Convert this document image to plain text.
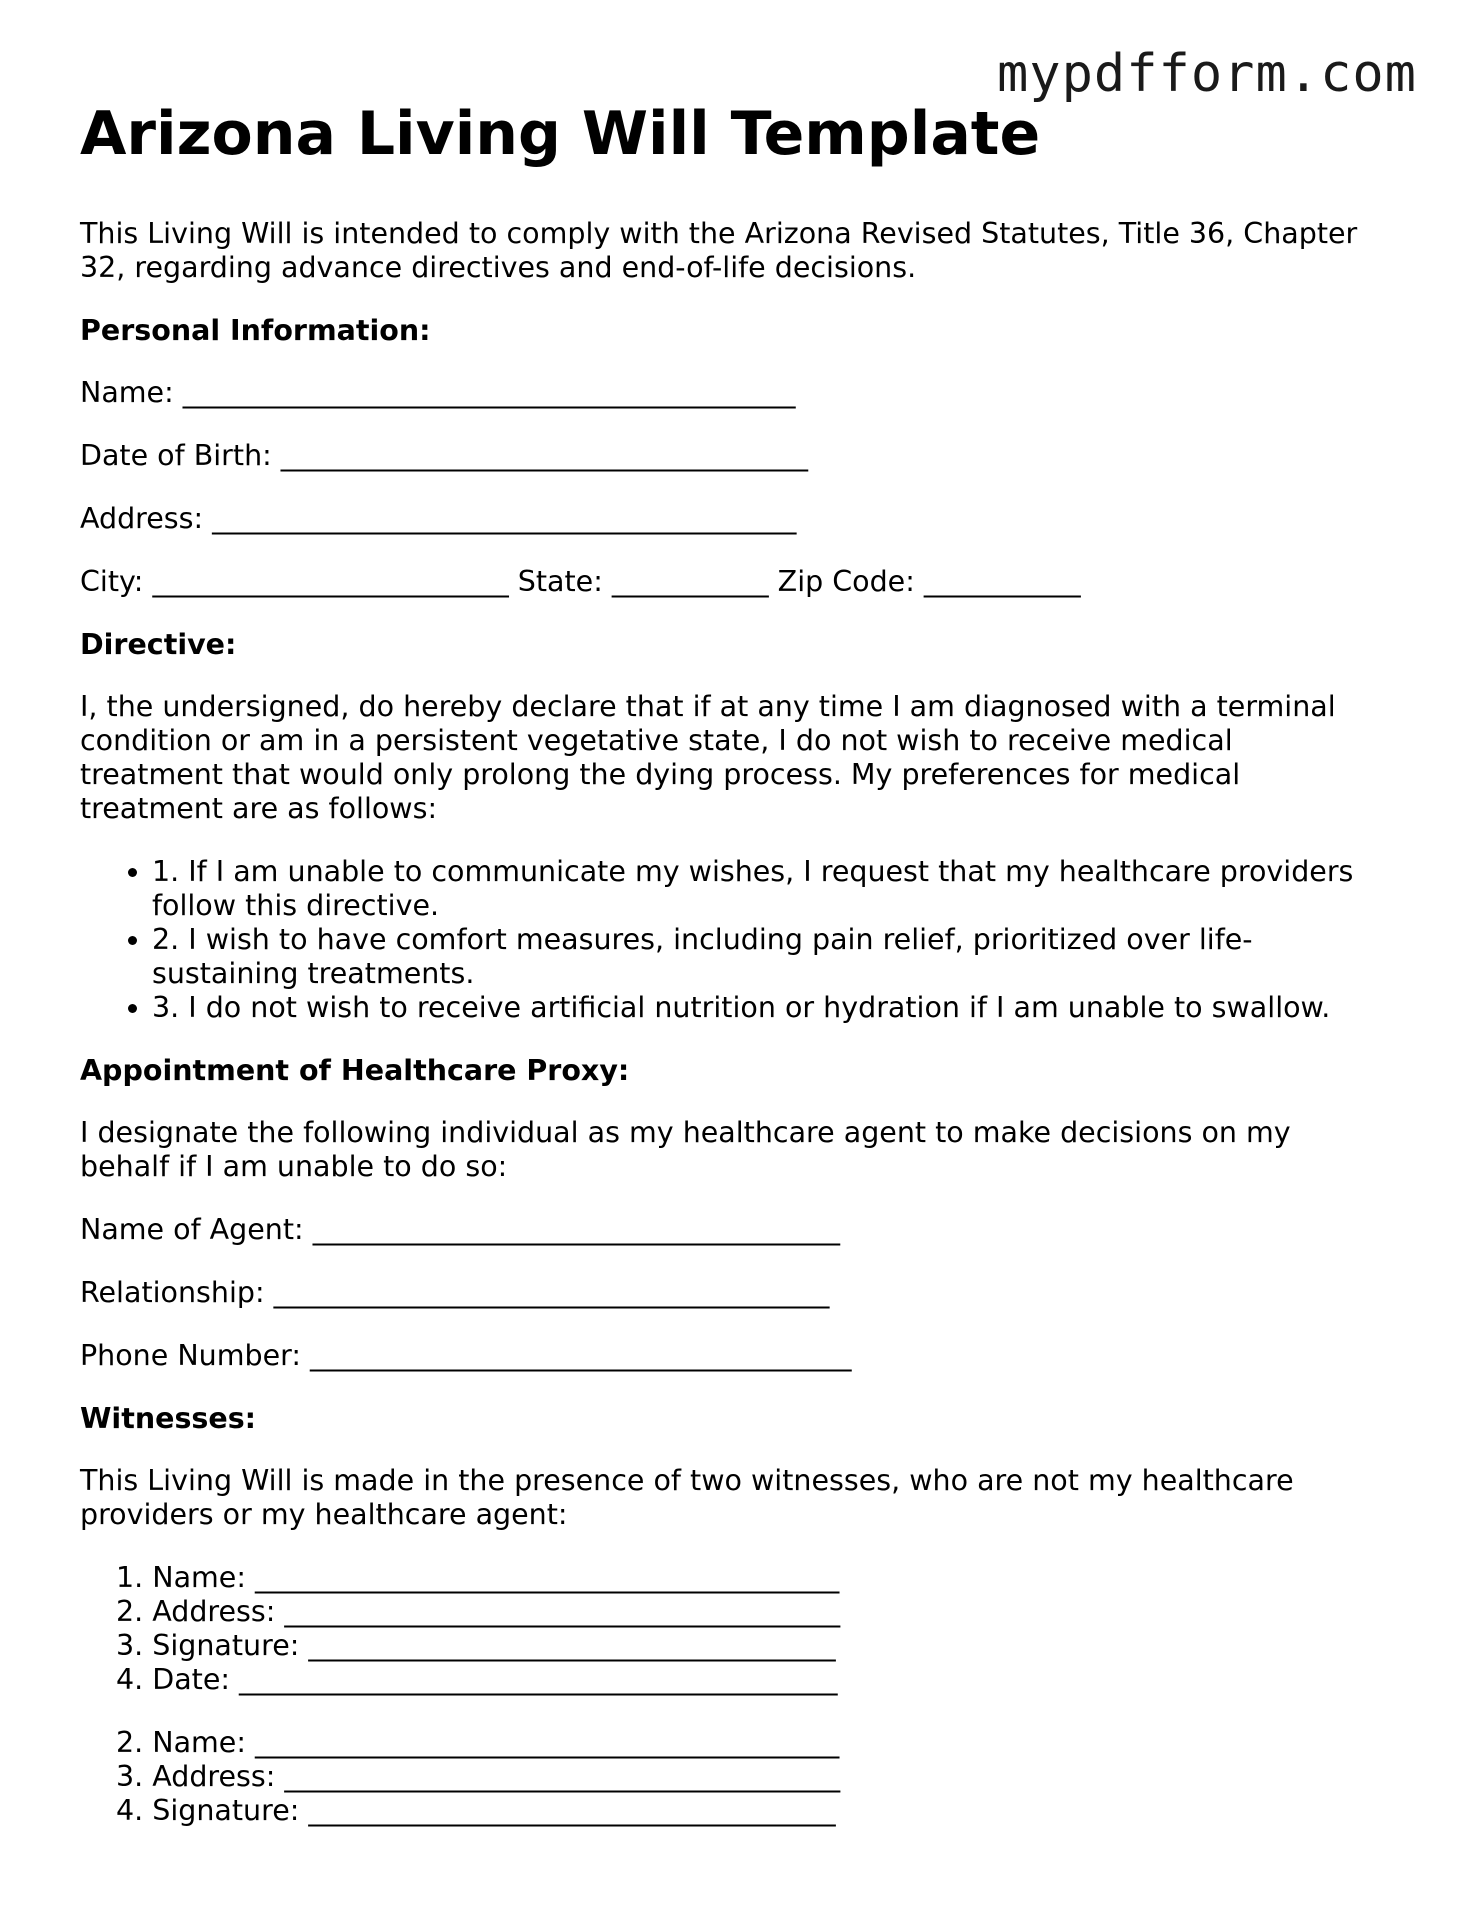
mypdfform.com
Arizona Living Will Template

This Living Will is intended to comply with the Arizona Revised Statutes, Title 36, Chapter 32, regarding advance directives and end-of-life decisions.

Personal Information:

Name: ___________________________________________

Date of Birth: _____________________________________

Address: _________________________________________

City: _________________________ State: ___________ Zip Code: ___________

Directive:

I, the undersigned, do hereby declare that if at any time I am diagnosed with a terminal condition or am in a persistent vegetative state, I do not wish to receive medical treatment that would only prolong the dying process. My preferences for medical treatment are as follows:

• 1. If I am unable to communicate my wishes, I request that my healthcare providers follow this directive.
• 2. I wish to have comfort measures, including pain relief, prioritized over life-sustaining treatments.
• 3. I do not wish to receive artificial nutrition or hydration if I am unable to swallow.

Appointment of Healthcare Proxy:

I designate the following individual as my healthcare agent to make decisions on my behalf if I am unable to do so:

Name of Agent: _____________________________________

Relationship: _______________________________________

Phone Number: ______________________________________

Witnesses:

This Living Will is made in the presence of two witnesses, who are not my healthcare providers or my healthcare agent:

1. Name: _________________________________________
2. Address: _______________________________________
3. Signature: _____________________________________
4. Date: __________________________________________
2. Name: _________________________________________
3. Address: _______________________________________
4. Signature: _____________________________________
